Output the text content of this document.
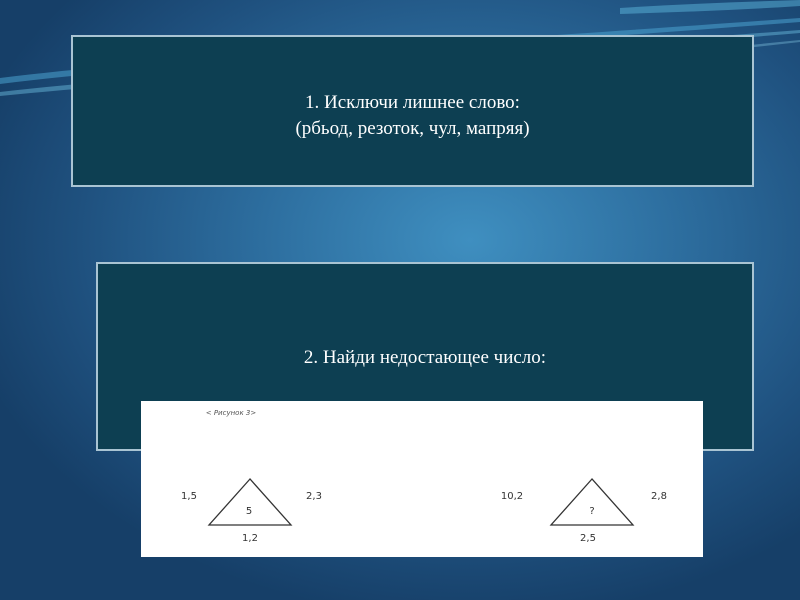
1. Исключи лишнее слово:
(рбьод, резоток, чул, мапряя)
2. Найди недостающее число:
< Рисунок 3>
5
1,5	2,3
1,2
?
10,2	2,8
2,5
